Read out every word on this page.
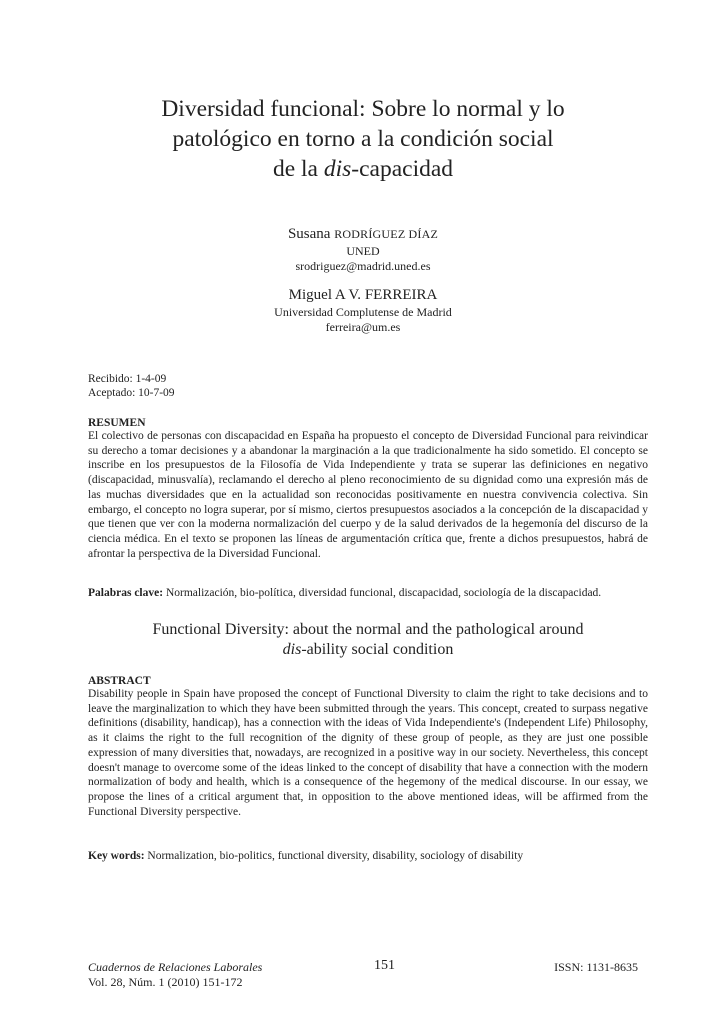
Diversidad funcional: Sobre lo normal y lo
patológico en torno a la condición social
de la dis-capacidad
Susana RODRÍGUEZ DÍAZ
UNED
srodriguez@madrid.uned.es
Miguel A V. FERREIRA
Universidad Complutense de Madrid
ferreira@um.es
Recibido: 1-4-09
Aceptado: 10-7-09
RESUMEN
El colectivo de personas con discapacidad en España ha propuesto el concepto de Diversidad Funcional para reivindicar su derecho a tomar decisiones y a abandonar la marginación a la que tradicionalmente ha sido sometido. El concepto se inscribe en los presupuestos de la Filosofía de Vida Independiente y trata se superar las definiciones en negativo (discapacidad, minusvalía), reclamando el derecho al pleno reconocimiento de su dignidad como una expresión más de las muchas diversidades que en la actualidad son reconocidas positivamente en nuestra convivencia colectiva. Sin embargo, el concepto no logra superar, por sí mismo, ciertos presupuestos asociados a la concepción de la discapacidad y que tienen que ver con la moderna normalización del cuerpo y de la salud derivados de la hegemonía del discurso de la ciencia médica. En el texto se proponen las líneas de argumentación crítica que, frente a dichos presupuestos, habrá de afrontar la perspectiva de la Diversidad Funcional.
Palabras clave: Normalización, bio-política, diversidad funcional, discapacidad, sociología de la discapacidad.
Functional Diversity: about the normal and the pathological around
dis-ability social condition
ABSTRACT
Disability people in Spain have proposed the concept of Functional Diversity to claim the right to take decisions and to leave the marginalization to which they have been submitted through the years. This concept, created to surpass negative definitions (disability, handicap), has a connection with the ideas of Vida Independiente's (Independent Life) Philosophy, as it claims the right to the full recognition of the dignity of these group of people, as they are just one possible expression of many diversities that, nowadays, are recognized in a positive way in our society. Nevertheless, this concept doesn't manage to overcome some of the ideas linked to the concept of disability that have a connection with the modern normalization of body and health, which is a consequence of the hegemony of the medical discourse. In our essay, we propose the lines of a critical argument that, in opposition to the above mentioned ideas, will be affirmed from the Functional Diversity perspective.
Key words: Normalization, bio-politics, functional diversity, disability, sociology of disability
Cuadernos de Relaciones Laborales
Vol. 28, Núm. 1 (2010) 151-172
151	ISSN: 1131-8635
